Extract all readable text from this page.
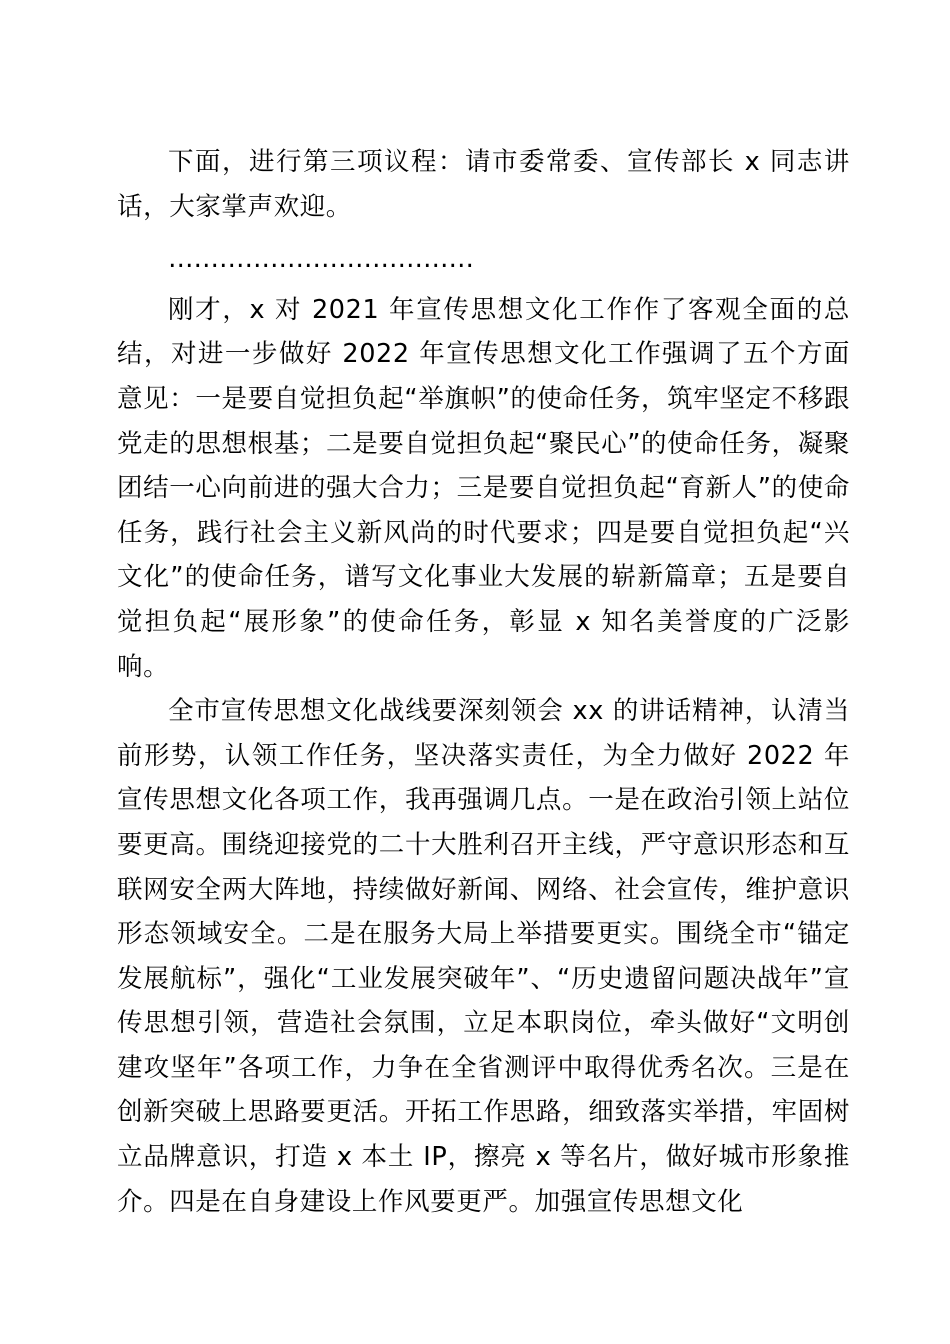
下面，进行第三项议程：请市委常委、宣传部长 x 同志讲话，大家掌声欢迎。

………………………………

刚才，x 对 2021 年宣传思想文化工作作了客观全面的总结，对进一步做好 2022 年宣传思想文化工作强调了五个方面意见：一是要自觉担负起“举旗帜”的使命任务，筑牢坚定不移跟党走的思想根基；二是要自觉担负起“聚民心”的使命任务，凝聚团结一心向前进的强大合力；三是要自觉担负起“育新人”的使命任务，践行社会主义新风尚的时代要求；四是要自觉担负起“兴文化”的使命任务，谱写文化事业大发展的崭新篇章；五是要自觉担负起“展形象”的使命任务，彰显 x 知名美誉度的广泛影响。

全市宣传思想文化战线要深刻领会 xx 的讲话精神，认清当前形势，认领工作任务，坚决落实责任，为全力做好 2022 年宣传思想文化各项工作，我再强调几点。一是在政治引领上站位要更高。围绕迎接党的二十大胜利召开主线，严守意识形态和互联网安全两大阵地，持续做好新闻、网络、社会宣传，维护意识形态领域安全。二是在服务大局上举措要更实。围绕全市“锚定发展航标”，强化“工业发展突破年”、“历史遗留问题决战年”宣传思想引领，营造社会氛围，立足本职岗位，牵头做好“文明创建攻坚年”各项工作，力争在全省测评中取得优秀名次。三是在创新突破上思路要更活。开拓工作思路，细致落实举措，牢固树立品牌意识，打造 x 本土 IP，擦亮 x 等名片，做好城市形象推介。四是在自身建设上作风要更严。加强宣传思想文化
